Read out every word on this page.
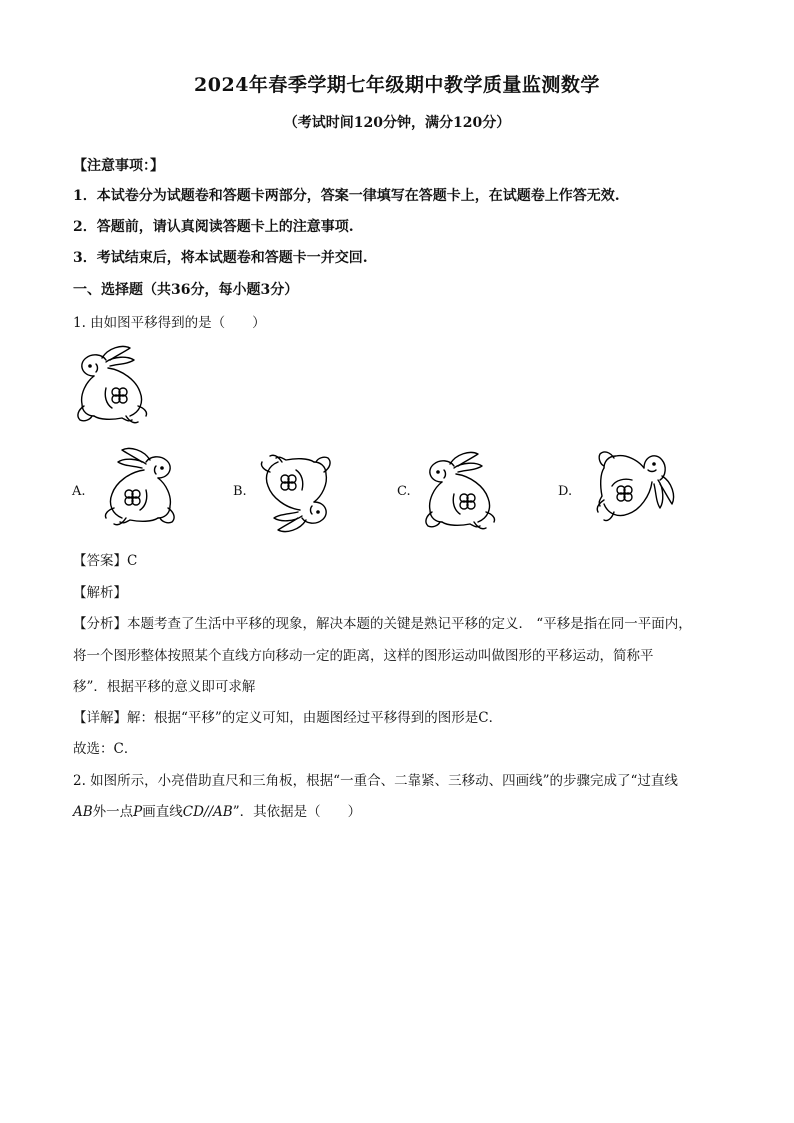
2024年春季学期七年级期中教学质量监测数学
（考试时间120分钟，满分120分）
【注意事项：】
1．本试卷分为试题卷和答题卡两部分，答案一律填写在答题卡上，在试题卷上作答无效.
2．答题前，请认真阅读答题卡上的注意事项.
3．考试结束后，将本试题卷和答题卡一并交回.
一、选择题（共36分，每小题3分）
1. 由如图平移得到的是（　　）
A.	B.	C.	D.
【答案】C
【解析】
【分析】本题考查了生活中平移的现象，解决本题的关键是熟记平移的定义． “平移是指在同一平面内，
将一个图形整体按照某个直线方向移动一定的距离，这样的图形运动叫做图形的平移运动，简称平
移”．根据平移的意义即可求解
【详解】解：根据“平移”的定义可知，由题图经过平移得到的图形是C．
故选：C．
2. 如图所示，小亮借助直尺和三角板，根据“一重合、二靠紧、三移动、四画线”的步骤完成了“过直线
AB外一点P画直线CD//AB”．其依据是（　　）
